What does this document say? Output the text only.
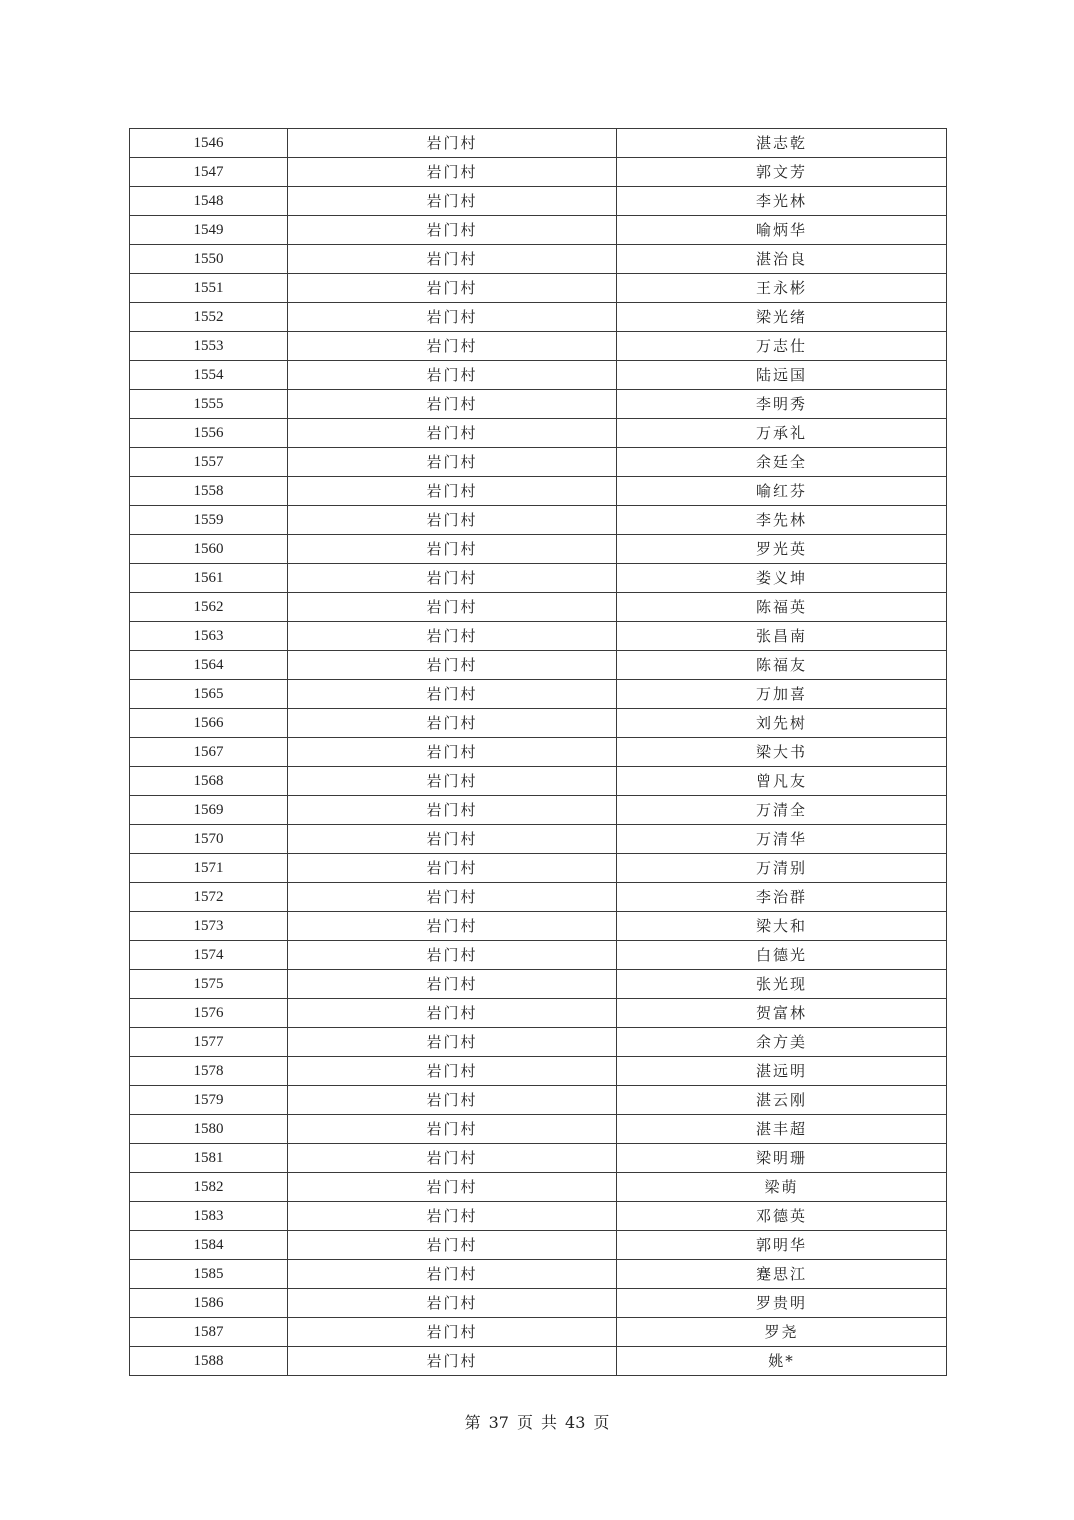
1546	岩门村	湛志乾
1547	岩门村	郭文芳
1548	岩门村	李光林
1549	岩门村	喻炳华
1550	岩门村	湛治良
1551	岩门村	王永彬
1552	岩门村	梁光绪
1553	岩门村	万志仕
1554	岩门村	陆远国
1555	岩门村	李明秀
1556	岩门村	万承礼
1557	岩门村	余廷全
1558	岩门村	喻红芬
1559	岩门村	李先林
1560	岩门村	罗光英
1561	岩门村	娄义坤
1562	岩门村	陈福英
1563	岩门村	张昌南
1564	岩门村	陈福友
1565	岩门村	万加喜
1566	岩门村	刘先树
1567	岩门村	梁大书
1568	岩门村	曾凡友
1569	岩门村	万清全
1570	岩门村	万清华
1571	岩门村	万清别
1572	岩门村	李治群
1573	岩门村	梁大和
1574	岩门村	白德光
1575	岩门村	张光现
1576	岩门村	贺富林
1577	岩门村	余方美
1578	岩门村	湛远明
1579	岩门村	湛云刚
1580	岩门村	湛丰超
1581	岩门村	梁明珊
1582	岩门村	梁萌
1583	岩门村	邓德英
1584	岩门村	郭明华
1585	岩门村	蹇思江
1586	岩门村	罗贵明
1587	岩门村	罗尧
1588	岩门村	姚*
第 37 页 共 43 页
